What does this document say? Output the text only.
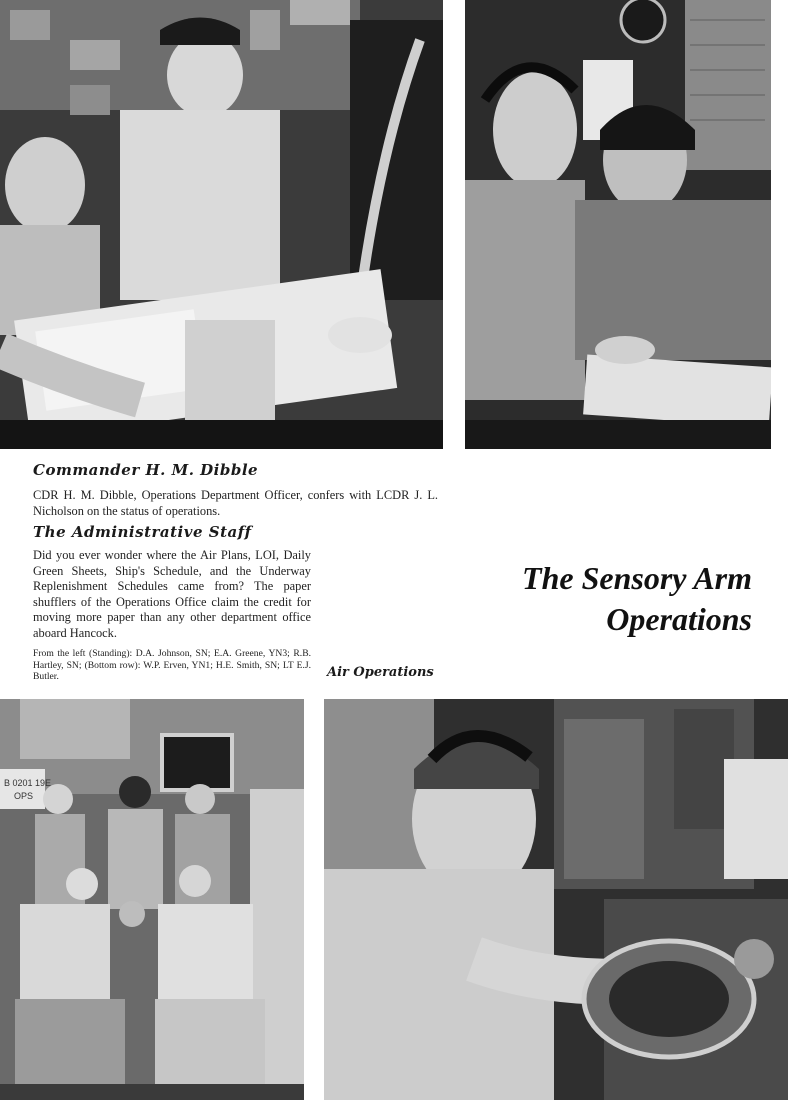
B 0201 19E
OPS
Commander H. M. Dibble

CDR H. M. Dibble, Operations Department Officer, confers with LCDR J. L. Nicholson on the status of operations.

The Administrative Staff

Did you ever wonder where the Air Plans, LOI, Daily Green Sheets, Ship's Schedule, and the Underway Replenishment Schedules came from? The paper shufflers of the Operations Office claim the credit for moving more paper than any other department office aboard Hancock.

From the left (Standing): D.A. Johnson, SN; E.A. Greene, YN3; R.B. Hartley, SN; (Bottom row): W.P. Erven, YN1; H.E. Smith, SN; LT E.J. Butler.

The Sensory Arm
Operations
Air Operations
